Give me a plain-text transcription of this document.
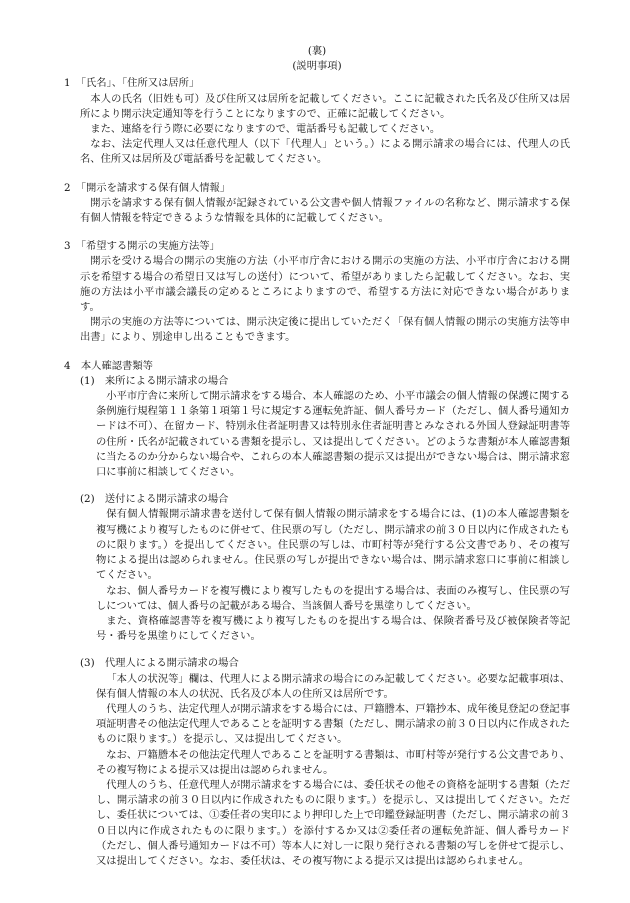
(裏)
(説明事項)
1　「氏名」、「住所又は居所」

本人の氏名（旧姓も可）及び住所又は居所を記載してください。ここに記載された氏名及び住所又は居所により開示決定通知等を行うことになりますので、正確に記載してください。

また、連絡を行う際に必要になりますので、電話番号も記載してください。

なお、法定代理人又は任意代理人（以下「代理人」という。）による開示請求の場合には、代理人の氏名、住所又は居所及び電話番号を記載してください。

2　「開示を請求する保有個人情報」

開示を請求する保有個人情報が記録されている公文書や個人情報ファイルの名称など、開示請求する保有個人情報を特定できるような情報を具体的に記載してください。

3　「希望する開示の実施方法等」

開示を受ける場合の開示の実施の方法（小平市庁舎における開示の実施の方法、小平市庁舎における開示を希望する場合の希望日又は写しの送付）について、希望がありましたら記載してください。なお、実施の方法は小平市議会議長の定めるところによりますので、希望する方法に対応できない場合があります。

開示の実施の方法等については、開示決定後に提出していただく「保有個人情報の開示の実施方法等申出書」により、別途申し出ることもできます。

4　本人確認書類等
(1)　来所による開示請求の場合

小平市庁舎に来所して開示請求をする場合、本人確認のため、小平市議会の個人情報の保護に関する条例施行規程第１１条第１項第１号に規定する運転免許証、個人番号カード（ただし、個人番号通知カードは不可）、在留カード、特別永住者証明書又は特別永住者証明書とみなされる外国人登録証明書等の住所・氏名が記載されている書類を提示し、又は提出してください。どのような書類が本人確認書類に当たるのか分からない場合や、これらの本人確認書類の提示又は提出ができない場合は、開示請求窓口に事前に相談してください。

(2)　送付による開示請求の場合

保有個人情報開示請求書を送付して保有個人情報の開示請求をする場合には、(1)の本人確認書類を複写機により複写したものに併せて、住民票の写し（ただし、開示請求の前３０日以内に作成されたものに限ります。）を提出してください。住民票の写しは、市町村等が発行する公文書であり、その複写物による提出は認められません。住民票の写しが提出できない場合は、開示請求窓口に事前に相談してください。

なお、個人番号カードを複写機により複写したものを提出する場合は、表面のみ複写し、住民票の写しについては、個人番号の記載がある場合、当該個人番号を黒塗りしてください。

また、資格確認書等を複写機により複写したものを提出する場合は、保険者番号及び被保険者等記号・番号を黒塗りにしてください。

(3)　代理人による開示請求の場合

「本人の状況等」欄は、代理人による開示請求の場合にのみ記載してください。必要な記載事項は、保有個人情報の本人の状況、氏名及び本人の住所又は居所です。

代理人のうち、法定代理人が開示請求をする場合には、戸籍謄本、戸籍抄本、成年後見登記の登記事項証明書その他法定代理人であることを証明する書類（ただし、開示請求の前３０日以内に作成されたものに限ります。）を提示し、又は提出してください。

なお、戸籍謄本その他法定代理人であることを証明する書類は、市町村等が発行する公文書であり、その複写物による提示又は提出は認められません。

代理人のうち、任意代理人が開示請求をする場合には、委任状その他その資格を証明する書類（ただし、開示請求の前３０日以内に作成されたものに限ります。）を提示し、又は提出してください。ただし、委任状については、①委任者の実印により押印した上で印鑑登録証明書（ただし、開示請求の前３０日以内に作成されたものに限ります。）を添付するか又は②委任者の運転免許証、個人番号カード（ただし、個人番号通知カードは不可）等本人に対し一に限り発行される書類の写しを併せて提示し、又は提出してください。なお、委任状は、その複写物による提示又は提出は認められません。
